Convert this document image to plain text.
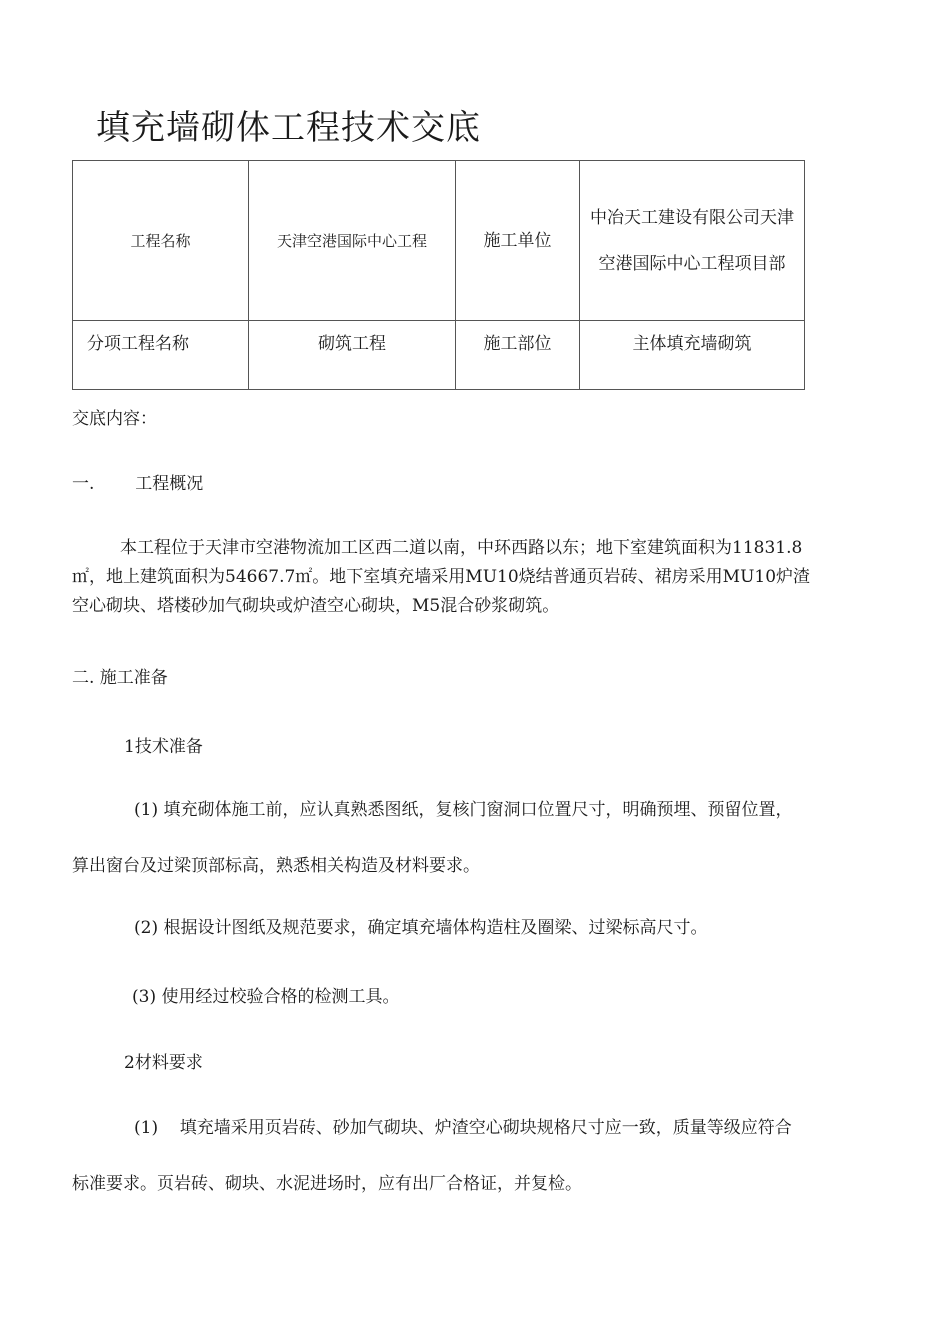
填充墙砌体工程技术交底
工程名称	天津空港国际中心工程	施工单位	中冶天工建设有限公司天津空港国际中心工程项目部
分项工程名称	砌筑工程	施工部位	主体填充墙砌筑
交底内容：
一. 工程概况
本工程位于天津市空港物流加工区西二道以南，中环西路以东；地下室建筑面积为11831.8㎡，地上建筑面积为54667.7㎡。地下室填充墙采用MU10烧结普通页岩砖、裙房采用MU10炉渣空心砌块、塔楼砂加气砌块或炉渣空心砌块，M5混合砂浆砌筑。
二. 施工准备
1技术准备
(1) 填充砌体施工前，应认真熟悉图纸，复核门窗洞口位置尺寸，明确预埋、预留位置，算出窗台及过梁顶部标高，熟悉相关构造及材料要求。
(2) 根据设计图纸及规范要求，确定填充墙体构造柱及圈梁、过梁标高尺寸。
(3) 使用经过校验合格的检测工具。
2材料要求
(1)    填充墙采用页岩砖、砂加气砌块、炉渣空心砌块规格尺寸应一致，质量等级应符合标准要求。页岩砖、砌块、水泥进场时，应有出厂合格证，并复检。
